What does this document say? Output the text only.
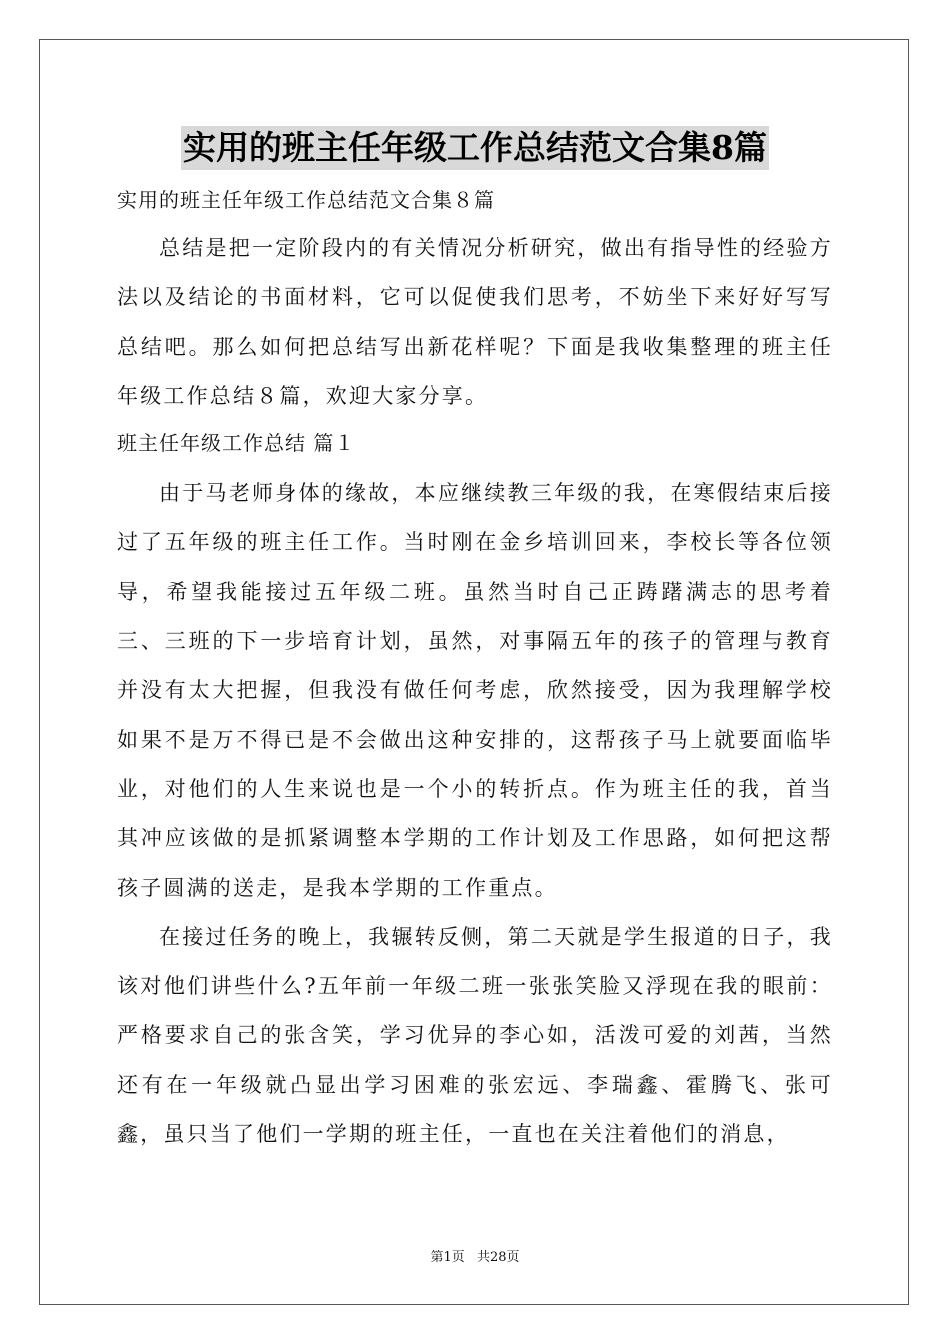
实用的班主任年级工作总结范文合集8篇

实用的班主任年级工作总结范文合集８篇

总结是把一定阶段内的有关情况分析研究，做出有指导性的经验方法以及结论的书面材料，它可以促使我们思考，不妨坐下来好好写写总结吧。那么如何把总结写出新花样呢？下面是我收集整理的班主任年级工作总结８篇，欢迎大家分享。

班主任年级工作总结 篇１

由于马老师身体的缘故，本应继续教三年级的我，在寒假结束后接过了五年级的班主任工作。当时刚在金乡培训回来，李校长等各位领导，希望我能接过五年级二班。虽然当时自己正踌躇满志的思考着三、三班的下一步培育计划，虽然，对事隔五年的孩子的管理与教育并没有太大把握，但我没有做任何考虑，欣然接受，因为我理解学校如果不是万不得已是不会做出这种安排的，这帮孩子马上就要面临毕业，对他们的人生来说也是一个小的转折点。作为班主任的我，首当其冲应该做的是抓紧调整本学期的工作计划及工作思路，如何把这帮孩子圆满的送走，是我本学期的工作重点。

在接过任务的晚上，我辗转反侧，第二天就是学生报道的日子，我该对他们讲些什么?五年前一年级二班一张张笑脸又浮现在我的眼前：严格要求自己的张含笑，学习优异的李心如，活泼可爱的刘茜，当然还有在一年级就凸显出学习困难的张宏远、李瑞鑫、霍腾飞、张可鑫，虽只当了他们一学期的班主任，一直也在关注着他们的消息，

第1页 共28页
